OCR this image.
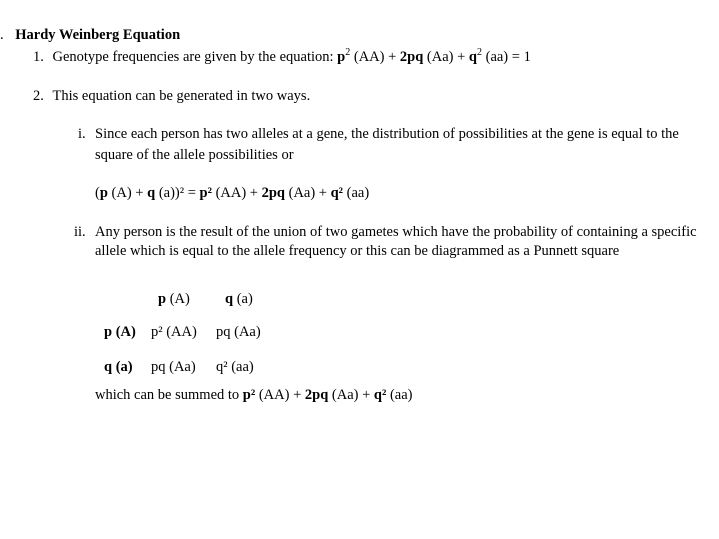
. Hardy Weinberg Equation
1. Genotype frequencies are given by the equation: $p^2$ (AA) + 2pq $(Aa) + q^2$ (aa) = 1
2. This equation can be generated in two ways.
i. Since each person has two alleles at a gene, the distribution of possibilities at the gene is equal to the
square of the allele possibilities or
(p (A) + q (a))² = p² (AA) + 2pq (Aa) + q² (aa)
ii. Any person is the result of the union of two gametes which have the probability of containing a specific
allele which is equal to the allele frequency or this can be diagrammed as a Punnett square
p (A) q (a)
p (A) p² (AA) pq (Aa)
q (a) pq (Aa) q² (aa)
which can be summed to p² (AA) + 2pq (Aa) + q² (aa)
